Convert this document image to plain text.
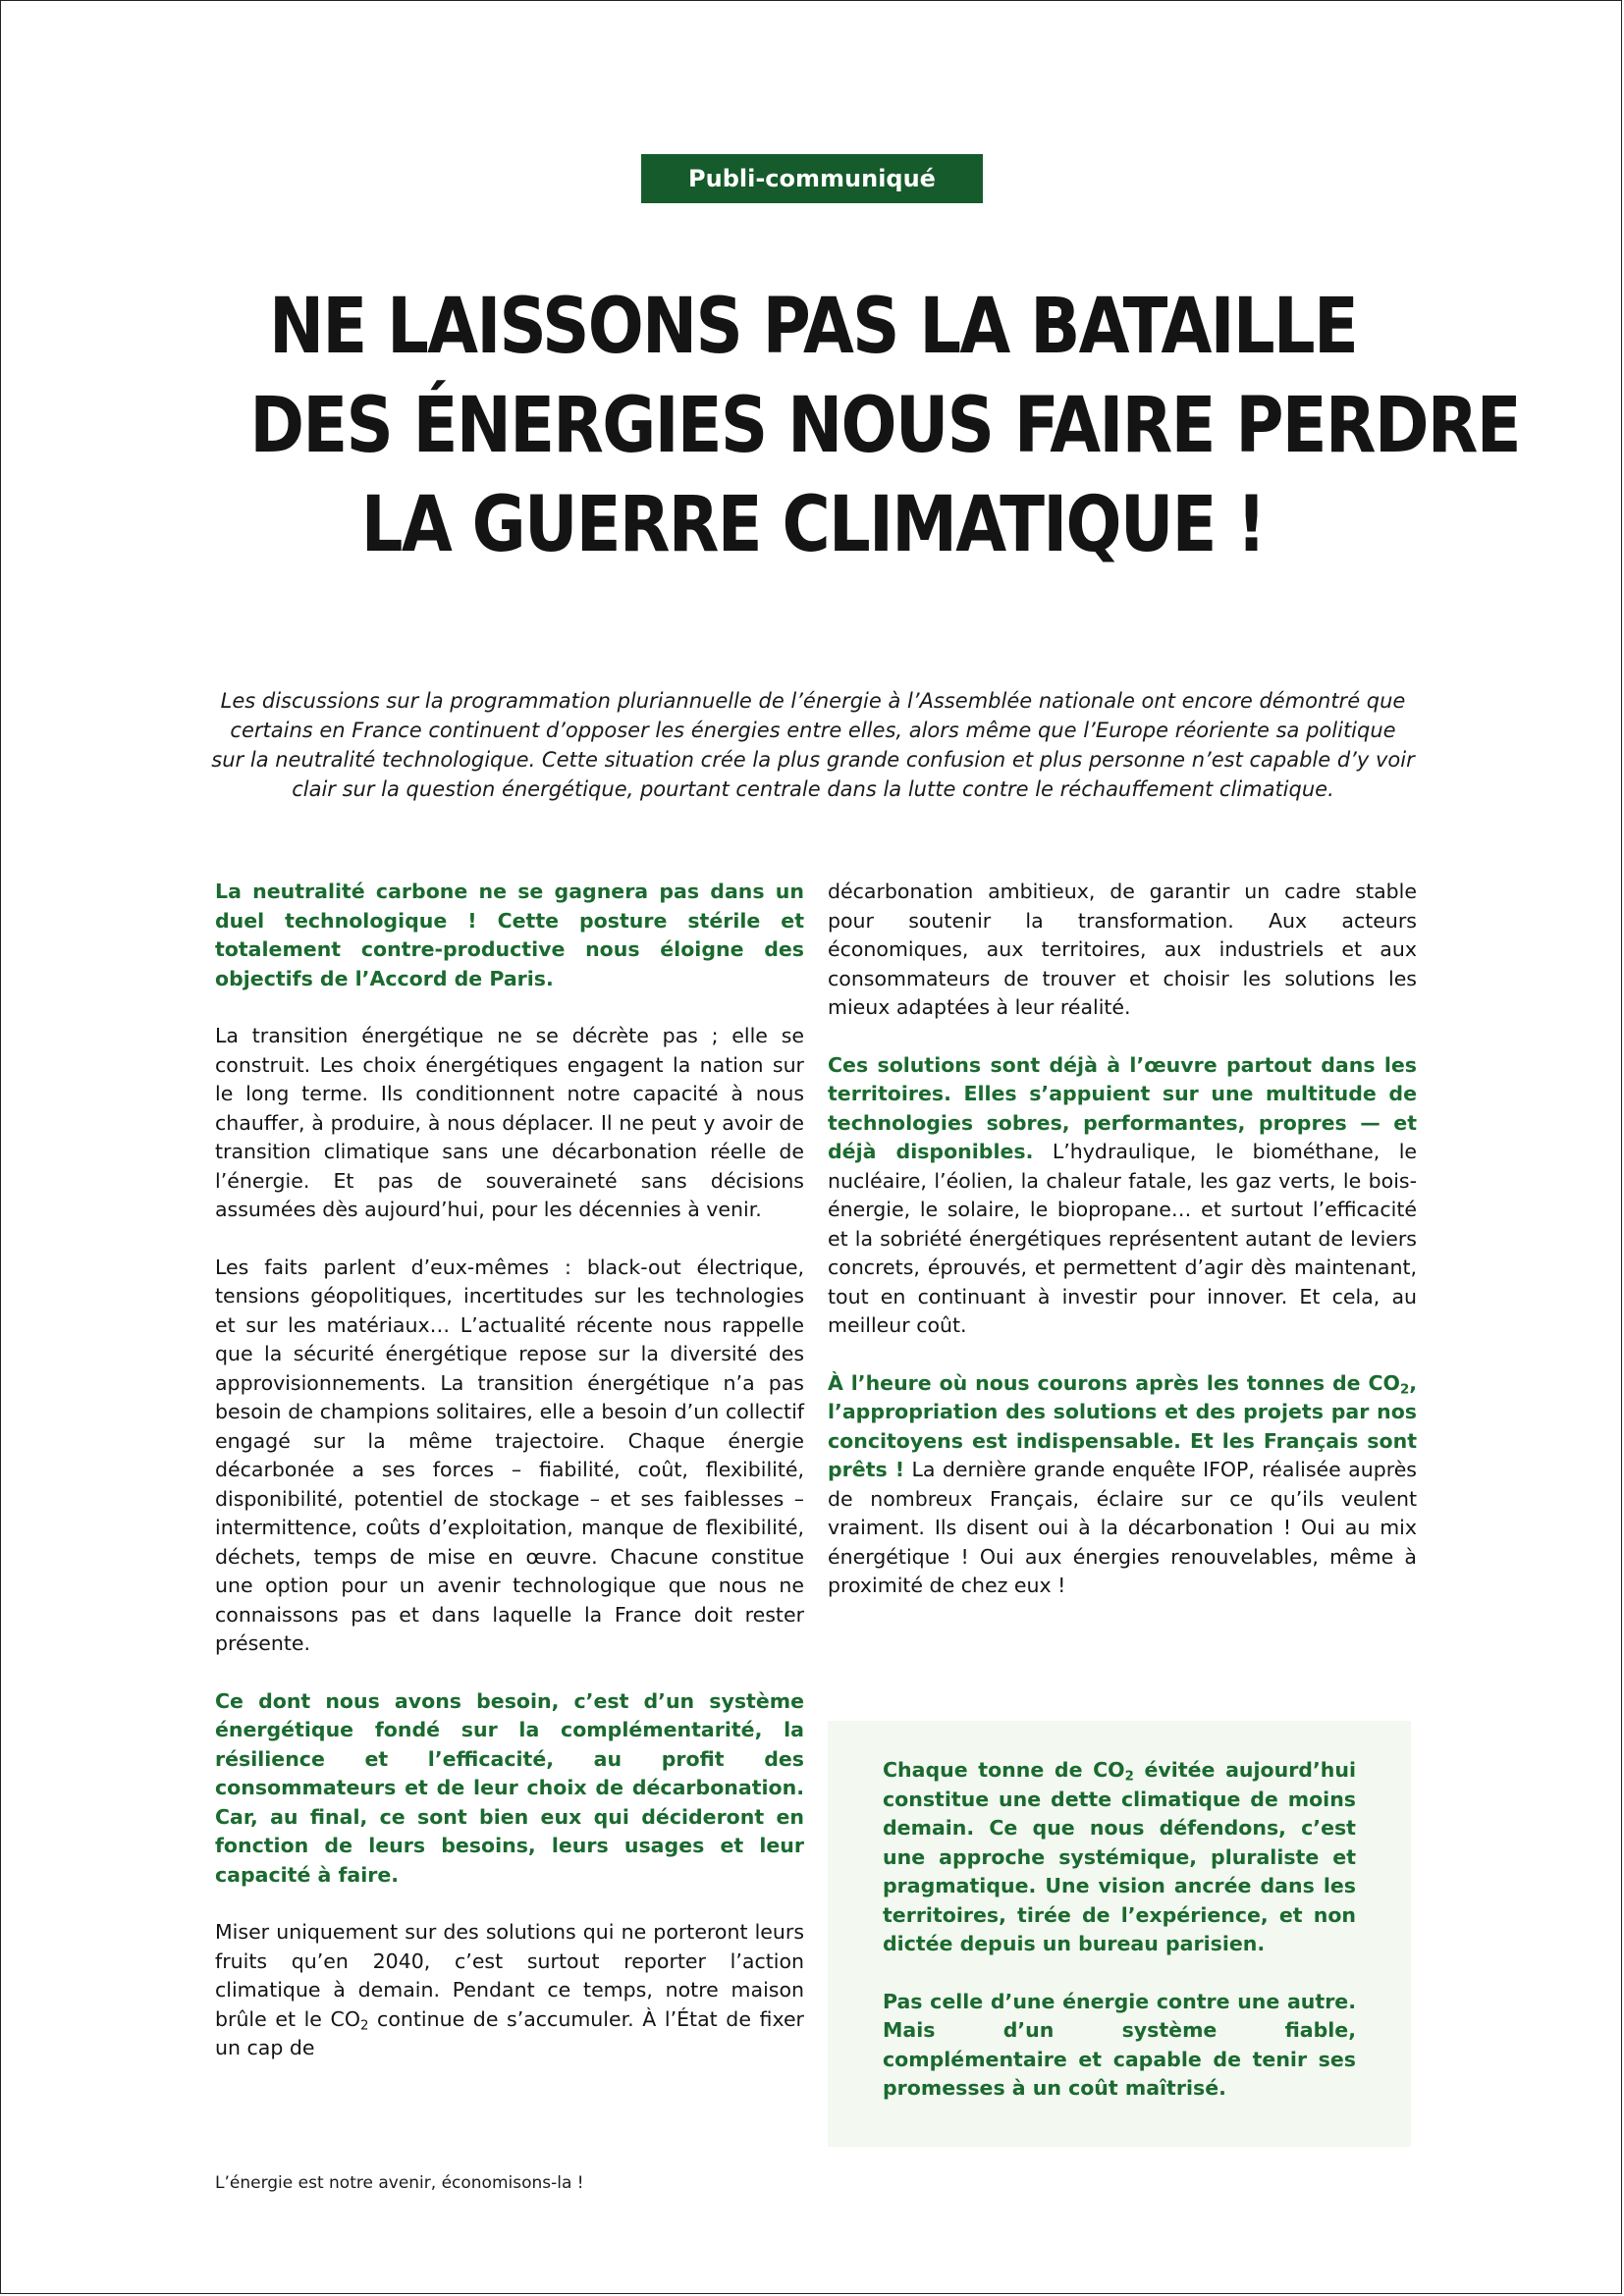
Publi-communiqué
NE LAISSONS PAS LA BATAILLE
DES ÉNERGIES NOUS FAIRE PERDRE
LA GUERRE CLIMATIQUE !

Les discussions sur la programmation pluriannuelle de l’énergie à l’Assemblée nationale ont encore démontré que certains en France continuent d’opposer les énergies entre elles, alors même que l’Europe réoriente sa politique sur la neutralité technologique. Cette situation crée la plus grande confusion et plus personne n’est capable d’y voir clair sur la question énergétique, pourtant centrale dans la lutte contre le réchauffement climatique.

La neutralité carbone ne se gagnera pas dans un duel technologique ! Cette posture stérile et totalement contre-productive nous éloigne des objectifs de l’Accord de Paris.

La transition énergétique ne se décrète pas ; elle se construit. Les choix énergétiques engagent la nation sur le long terme. Ils conditionnent notre capacité à nous chauffer, à produire, à nous déplacer. Il ne peut y avoir de transition climatique sans une décarbonation réelle de l’énergie. Et pas de souveraineté sans décisions assumées dès aujourd’hui, pour les décennies à venir.

Les faits parlent d’eux-mêmes : black-out électrique, tensions géopolitiques, incertitudes sur les technologies et sur les matériaux… L’actualité récente nous rappelle que la sécurité énergétique repose sur la diversité des approvisionnements. La transition énergétique n’a pas besoin de champions solitaires, elle a besoin d’un collectif engagé sur la même trajectoire. Chaque énergie décarbonée a ses forces – fiabilité, coût, flexibilité, disponibilité, potentiel de stockage – et ses faiblesses – intermittence, coûts d’exploitation, manque de flexibilité, déchets, temps de mise en œuvre. Chacune constitue une option pour un avenir technologique que nous ne connaissons pas et dans laquelle la France doit rester présente.

Ce dont nous avons besoin, c’est d’un système énergétique fondé sur la complémentarité, la résilience et l’efficacité, au profit des consommateurs et de leur choix de décarbonation. Car, au final, ce sont bien eux qui décideront en fonction de leurs besoins, leurs usages et leur capacité à faire.

Miser uniquement sur des solutions qui ne porteront leurs fruits qu’en 2040, c’est surtout reporter l’action climatique à demain. Pendant ce temps, notre maison brûle et le $CO_2$ continue de s’accumuler. À l’État de fixer un cap de

décarbonation ambitieux, de garantir un cadre stable pour soutenir la transformation. Aux acteurs économiques, aux territoires, aux industriels et aux consommateurs de trouver et choisir les solutions les mieux adaptées à leur réalité.

Ces solutions sont déjà à l’œuvre partout dans les territoires. Elles s’appuient sur une multitude de technologies sobres, performantes, propres — et déjà disponibles. L’hydraulique, le biométhane, le nucléaire, l’éolien, la chaleur fatale, les gaz verts, le bois-énergie, le solaire, le biopropane… et surtout l’efficacité et la sobriété énergétiques représentent autant de leviers concrets, éprouvés, et permettent d’agir dès maintenant, tout en continuant à investir pour innover. Et cela, au meilleur coût.

À l’heure où nous courons après les tonnes de $CO_2$, l’appropriation des solutions et des projets par nos concitoyens est indispensable. Et les Français sont prêts ! La dernière grande enquête IFOP, réalisée auprès de nombreux Français, éclaire sur ce qu’ils veulent vraiment. Ils disent oui à la décarbonation ! Oui au mix énergétique ! Oui aux énergies renouvelables, même à proximité de chez eux !

Chaque tonne de $CO_2$ évitée aujourd’hui constitue une dette climatique de moins demain. Ce que nous défendons, c’est une approche systémique, pluraliste et pragmatique. Une vision ancrée dans les territoires, tirée de l’expérience, et non dictée depuis un bureau parisien.

Pas celle d’une énergie contre une autre. Mais d’un système fiable, complémentaire et capable de tenir ses promesses à un coût maîtrisé.

L’énergie est notre avenir, économisons-la !
